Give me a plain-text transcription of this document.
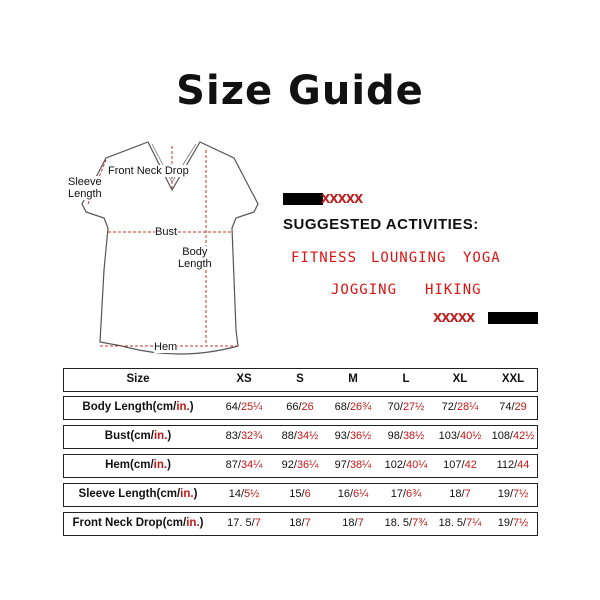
Size Guide
Front Neck Drop
Sleeve
Length
Bust
Body
Length
Hem
XXXXX
SUGGESTED ACTIVITIES:
FITNESS LOUNGING YOGA
JOGGING HIKING
XXXXX
Size	XS	S	M	L	XL	XXL
Body Length(cm/in.)	64/25¼	66/26	68/26¾	70/27½	72/28¼	74/29
Bust(cm/in.)	83/32¾	88/34½	93/36½	98/38½	103/40½ 108/42½
Hem(cm/in.)	87/34¼	92/36¼	97/38¼	102/40¼	107/42	112/44
Sleeve Length(cm/in.)	14/5½	15/6	16/6¼	17/6¾	18/7	19/7½
Front Neck Drop(cm/in.)	17. 5/7	18/7	18/7	18. 5/7¾	18. 5/7¼	19/7½
